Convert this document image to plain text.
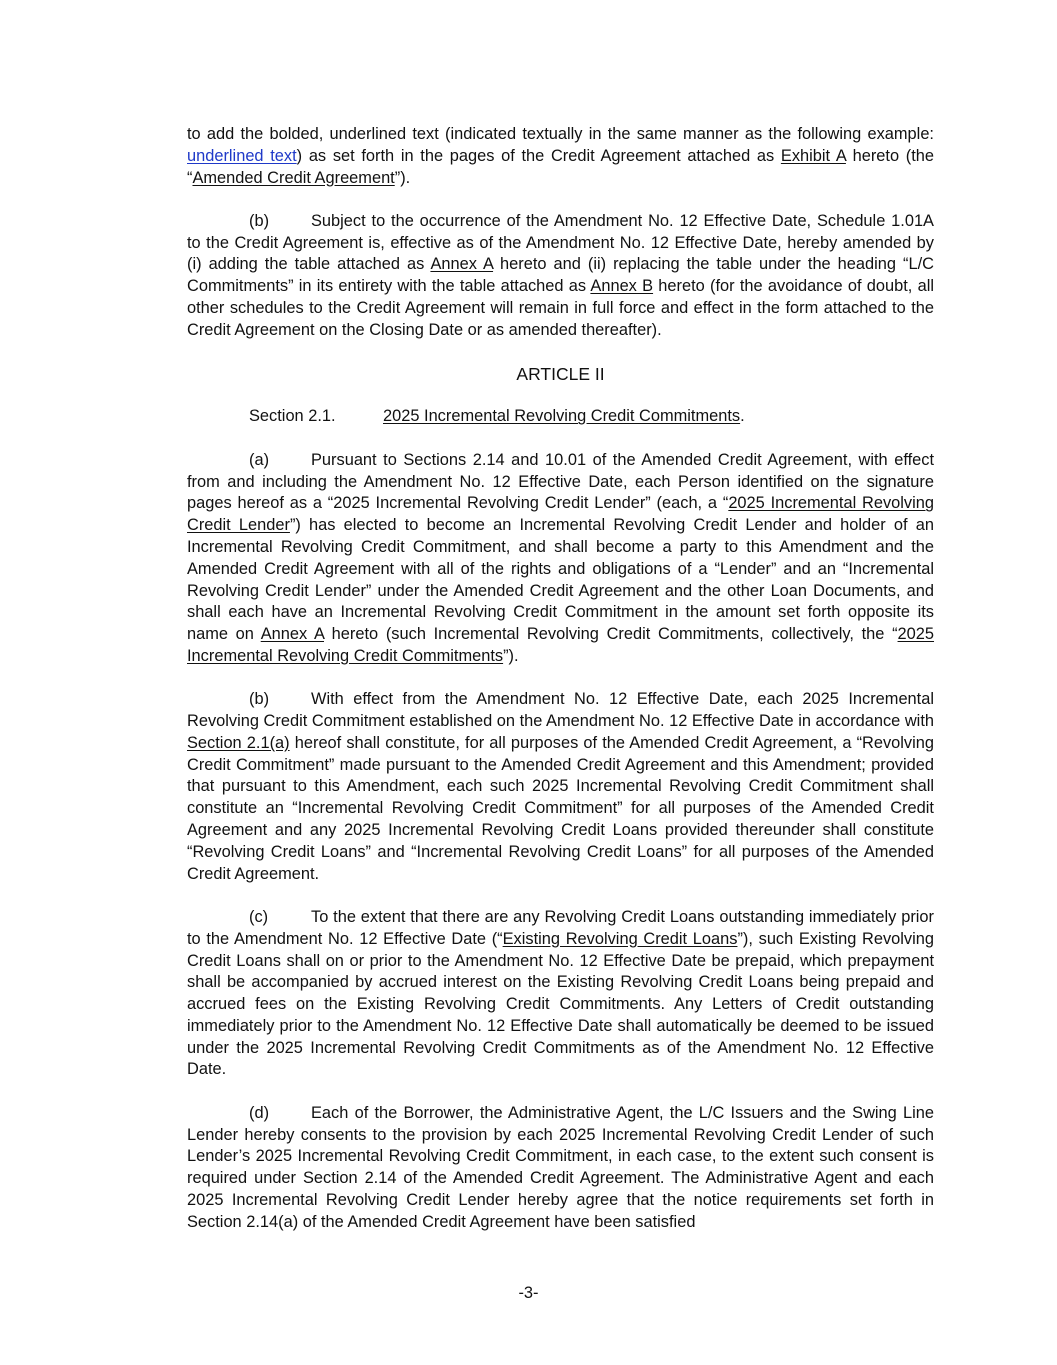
to add the bolded, underlined text (indicated textually in the same manner as the following example: underlined text) as set forth in the pages of the Credit Agreement attached as Exhibit A hereto (the “Amended Credit Agreement”).

(b)	Subject to the occurrence of the Amendment No. 12 Effective Date, Schedule 1.01A to the Credit Agreement is, effective as of the Amendment No. 12 Effective Date, hereby amended by (i) adding the table attached as Annex A hereto and (ii) replacing the table under the heading “L/C Commitments” in its entirety with the table attached as Annex B hereto (for the avoidance of doubt, all other schedules to the Credit Agreement will remain in full force and effect in the form attached to the Credit Agreement on the Closing Date or as amended thereafter).

ARTICLE II
Section 2.1.	2025 Incremental Revolving Credit Commitments.

(a)	Pursuant to Sections 2.14 and 10.01 of the Amended Credit Agreement, with effect from and including the Amendment No. 12 Effective Date, each Person identified on the signature pages hereof as a “2025 Incremental Revolving Credit Lender” (each, a “2025 Incremental Revolving Credit Lender”) has elected to become an Incremental Revolving Credit Lender and holder of an Incremental Revolving Credit Commitment, and shall become a party to this Amendment and the Amended Credit Agreement with all of the rights and obligations of a “Lender” and an “Incremental Revolving Credit Lender” under the Amended Credit Agreement and the other Loan Documents, and shall each have an Incremental Revolving Credit Commitment in the amount set forth opposite its name on Annex A hereto (such Incremental Revolving Credit Commitments, collectively, the “2025 Incremental Revolving Credit Commitments”).

(b)	With effect from the Amendment No. 12 Effective Date, each 2025 Incremental Revolving Credit Commitment established on the Amendment No. 12 Effective Date in accordance with Section 2.1(a) hereof shall constitute, for all purposes of the Amended Credit Agreement, a “Revolving Credit Commitment” made pursuant to the Amended Credit Agreement and this Amendment; provided that pursuant to this Amendment, each such 2025 Incremental Revolving Credit Commitment shall constitute an “Incremental Revolving Credit Commitment” for all purposes of the Amended Credit Agreement and any 2025 Incremental Revolving Credit Loans provided thereunder shall constitute “Revolving Credit Loans” and “Incremental Revolving Credit Loans” for all purposes of the Amended Credit Agreement.

(c)	To the extent that there are any Revolving Credit Loans outstanding immediately prior to the Amendment No. 12 Effective Date (“Existing Revolving Credit Loans”), such Existing Revolving Credit Loans shall on or prior to the Amendment No. 12 Effective Date be prepaid, which prepayment shall be accompanied by accrued interest on the Existing Revolving Credit Loans being prepaid and accrued fees on the Existing Revolving Credit Commitments. Any Letters of Credit outstanding immediately prior to the Amendment No. 12 Effective Date shall automatically be deemed to be issued under the 2025 Incremental Revolving Credit Commitments as of the Amendment No. 12 Effective Date.

(d)	Each of the Borrower, the Administrative Agent, the L/C Issuers and the Swing Line Lender hereby consents to the provision by each 2025 Incremental Revolving Credit Lender of such Lender’s 2025 Incremental Revolving Credit Commitment, in each case, to the extent such consent is required under Section 2.14 of the Amended Credit Agreement. The Administrative Agent and each 2025 Incremental Revolving Credit Lender hereby agree that the notice requirements set forth in Section 2.14(a) of the Amended Credit Agreement have been satisfied

-3-
